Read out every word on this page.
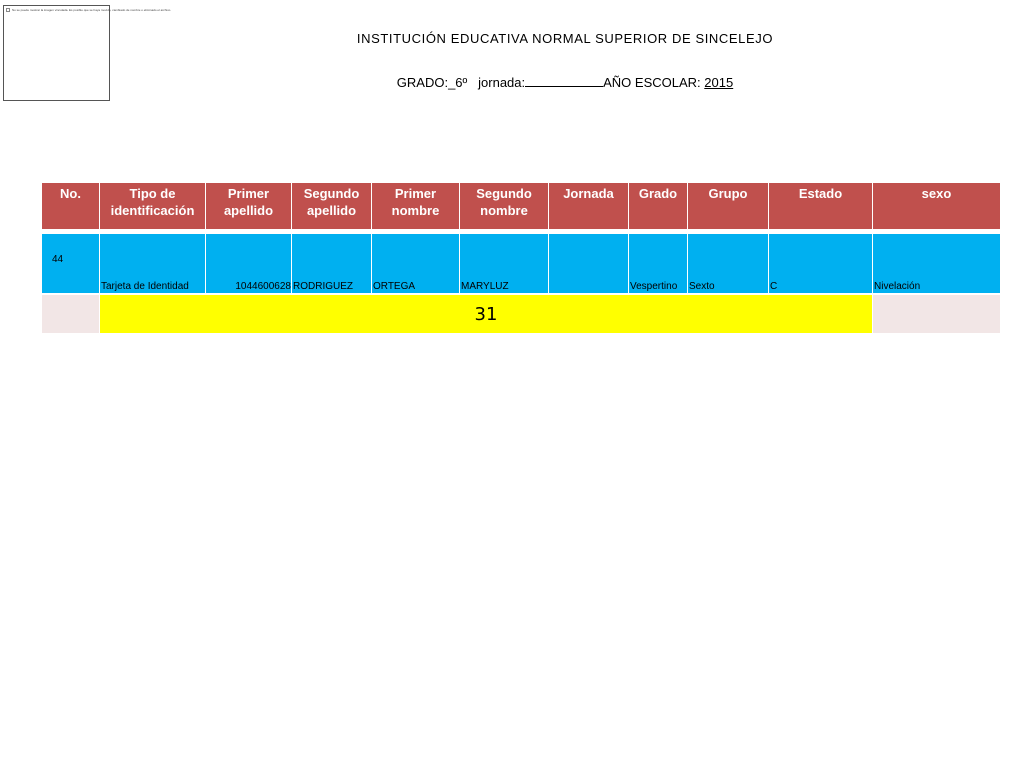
No se puede mostrar la imagen vinculada. Es posible que se haya movido, cambiado de nombre o eliminado el archivo.
INSTITUCIÓN EDUCATIVA NORMAL SUPERIOR DE SINCELEJO
GRADO:_6º jornada:	AÑO ESCOLAR: 2015
No.	Tipo de identificación	Primer apellido	Segundo apellido	Primer nombre	Segundo nombre	Jornada	Grado	Grupo	Estado	sexo

44	Tarjeta de Identidad	1044600628	RODRIGUEZ	ORTEGA	MARYLUZ		Vespertino	Sexto	C	Nivelación
	31									
